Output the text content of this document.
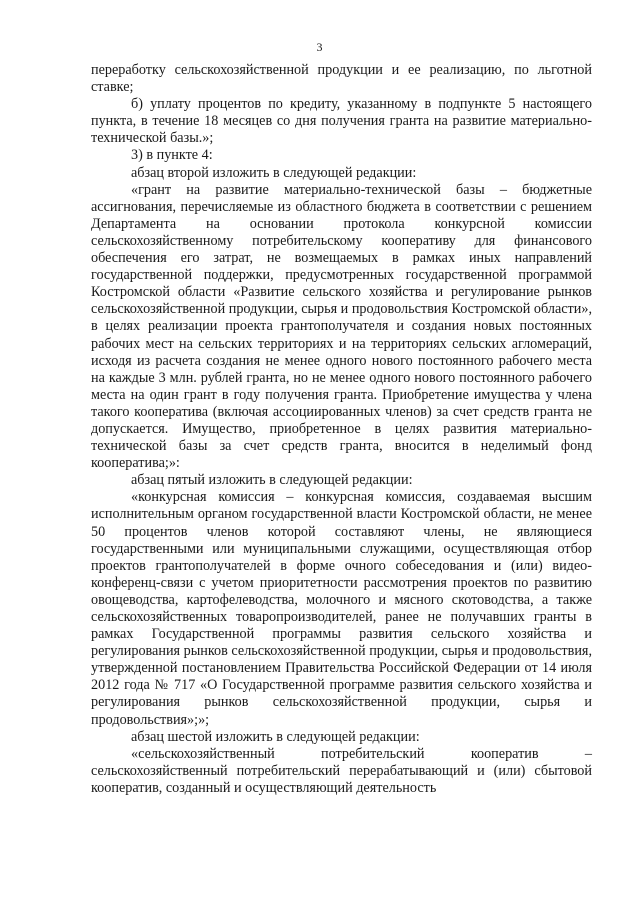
3

переработку сельскохозяйственной продукции и ее реализацию, по льготной ставке;

б) уплату процентов по кредиту, указанному в подпункте 5 настоящего пункта, в течение 18 месяцев со дня получения гранта на развитие материально-технической базы.»;

3) в пункте 4:

абзац второй изложить в следующей редакции:

«грант на развитие материально-технической базы – бюджетные ассигнования, перечисляемые из областного бюджета в соответствии с решением Департамента на основании протокола конкурсной комиссии сельскохозяйственному потребительскому кооперативу для финансового обеспечения его затрат, не возмещаемых в рамках иных направлений государственной поддержки, предусмотренных государственной программой Костромской области «Развитие сельского хозяйства и регулирование рынков сельскохозяйственной продукции, сырья и продовольствия Костромской области», в целях реализации проекта грантополучателя и создания новых постоянных рабочих мест на сельских территориях и на территориях сельских агломераций, исходя из расчета создания не менее одного нового постоянного рабочего места на каждые 3 млн. рублей гранта, но не менее одного нового постоянного рабочего места на один грант в году получения гранта. Приобретение имущества у члена такого кооператива (включая ассоциированных членов) за счет средств гранта не допускается. Имущество, приобретенное в целях развития материально-технической базы за счет средств гранта, вносится в неделимый фонд кооператива;»:

абзац пятый изложить в следующей редакции:

«конкурсная комиссия – конкурсная комиссия, создаваемая высшим исполнительным органом государственной власти Костромской области, не менее 50 процентов членов которой составляют члены, не являющиеся государственными или муниципальными служащими, осуществляющая отбор проектов грантополучателей в форме очного собеседования и (или) видео-конференц-связи с учетом приоритетности рассмотрения проектов по развитию овощеводства, картофелеводства, молочного и мясного скотоводства, а также сельскохозяйственных товаропроизводителей, ранее не получавших гранты в рамках Государственной программы развития сельского хозяйства и регулирования рынков сельскохозяйственной продукции, сырья и продовольствия, утвержденной постановлением Правительства Российской Федерации от 14 июля 2012 года № 717 «О Государственной программе развития сельского хозяйства и регулирования рынков сельскохозяйственной продукции, сырья и продовольствия»;»;

абзац шестой изложить в следующей редакции:

«сельскохозяйственный потребительский кооператив – сельскохозяйственный потребительский перерабатывающий и (или) сбытовой кооператив, созданный и осуществляющий деятельность
